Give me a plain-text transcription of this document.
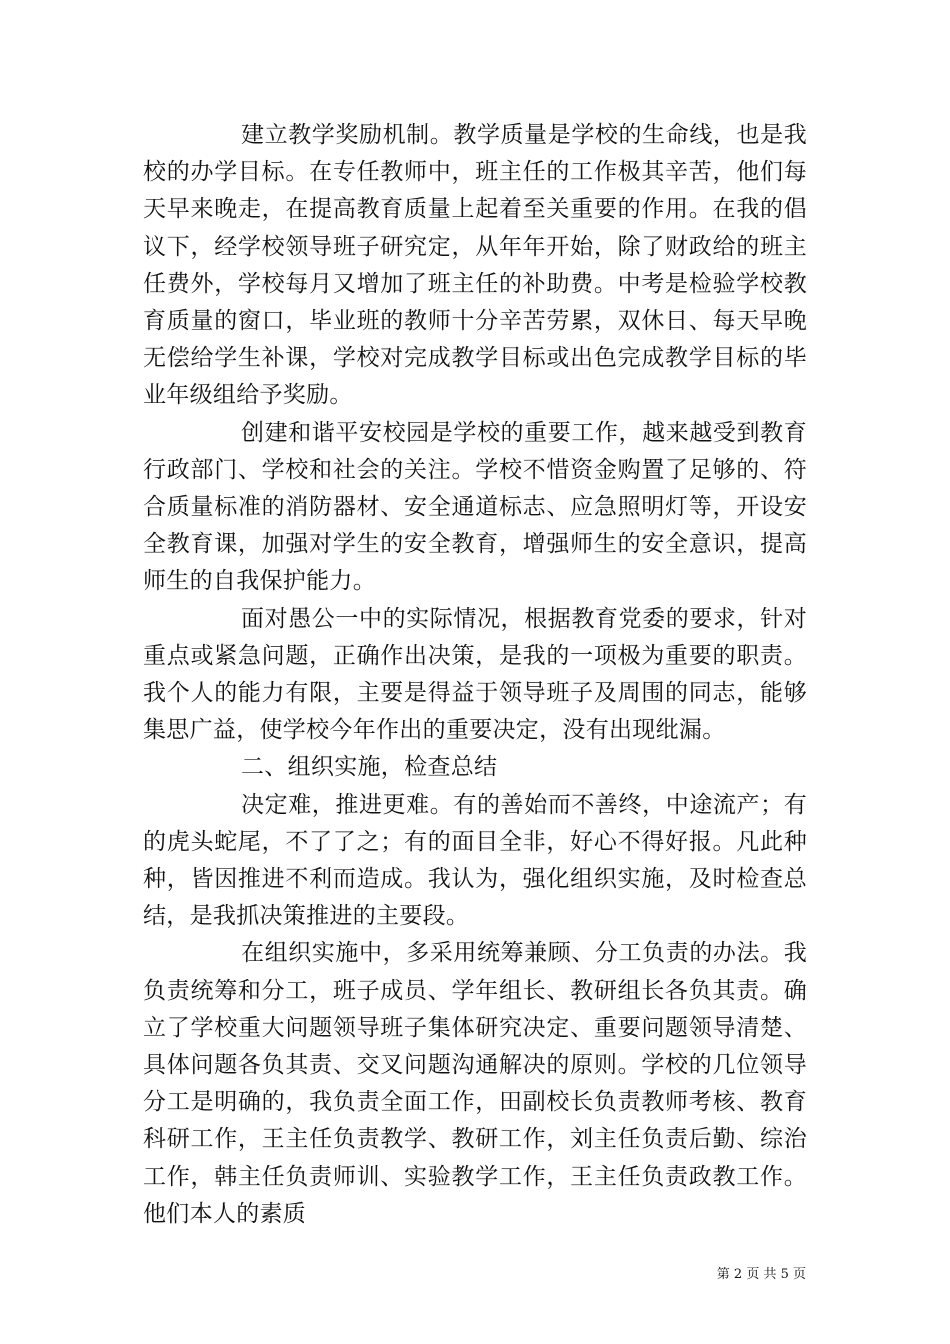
建立教学奖励机制。教学质量是学校的生命线，也是我校的办学目标。在专任教师中，班主任的工作极其辛苦，他们每天早来晚走，在提高教育质量上起着至关重要的作用。在我的倡议下，经学校领导班子研究定，从年年开始，除了财政给的班主任费外，学校每月又增加了班主任的补助费。中考是检验学校教育质量的窗口，毕业班的教师十分辛苦劳累，双休日、每天早晚无偿给学生补课，学校对完成教学目标或出色完成教学目标的毕业年级组给予奖励。

创建和谐平安校园是学校的重要工作，越来越受到教育行政部门、学校和社会的关注。学校不惜资金购置了足够的、符合质量标准的消防器材、安全通道标志、应急照明灯等，开设安全教育课，加强对学生的安全教育，增强师生的安全意识，提高师生的自我保护能力。

面对愚公一中的实际情况，根据教育党委的要求，针对重点或紧急问题，正确作出决策，是我的一项极为重要的职责。我个人的能力有限，主要是得益于领导班子及周围的同志，能够集思广益，使学校今年作出的重要决定，没有出现纰漏。

二、组织实施，检查总结

决定难，推进更难。有的善始而不善终，中途流产；有的虎头蛇尾，不了了之；有的面目全非，好心不得好报。凡此种种，皆因推进不利而造成。我认为，强化组织实施，及时检查总结，是我抓决策推进的主要段。

在组织实施中，多采用统筹兼顾、分工负责的办法。我负责统筹和分工，班子成员、学年组长、教研组长各负其责。确立了学校重大问题领导班子集体研究决定、重要问题领导清楚、具体问题各负其责、交叉问题沟通解决的原则。学校的几位领导分工是明确的，我负责全面工作，田副校长负责教师考核、教育科研工作，王主任负责教学、教研工作，刘主任负责后勤、综治工作，韩主任负责师训、实验教学工作，王主任负责政教工作。他们本人的素质

第 2 页 共 5 页
